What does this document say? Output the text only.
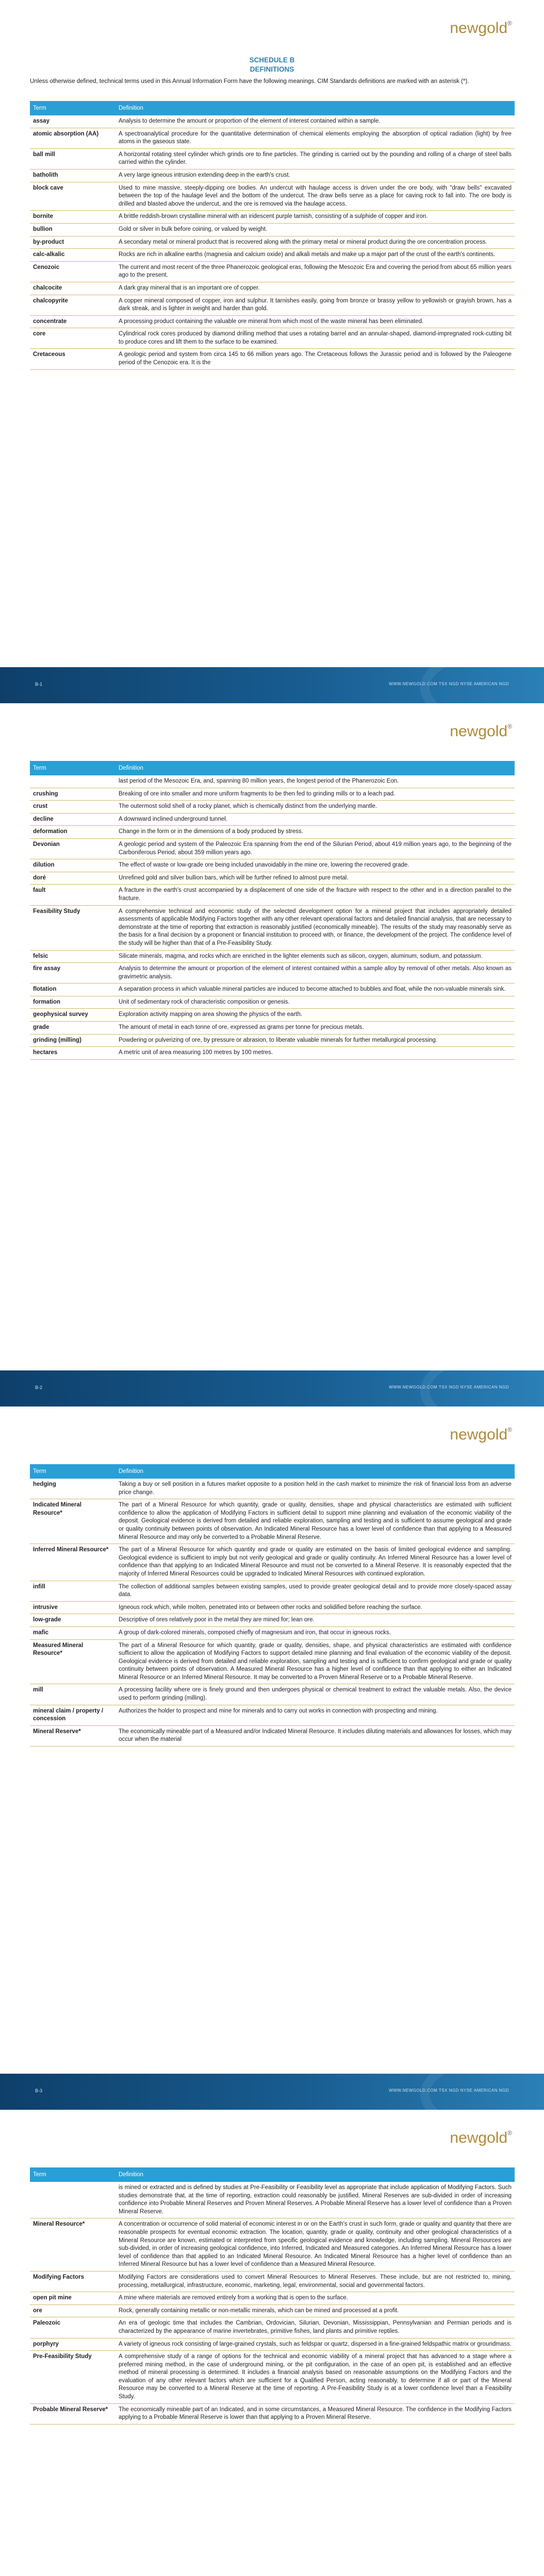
newgold®
SCHEDULE B
DEFINITIONS
Unless otherwise defined, technical terms used in this Annual Information Form have the following meanings. CIM Standards definitions are marked with an asterisk (*).
Term	Definition
assay	Analysis to determine the amount or proportion of the element of interest contained within a sample.
atomic absorption (AA)	A spectroanalytical procedure for the quantitative determination of chemical elements employing the absorption of optical radiation (light) by free atoms in the gaseous state.
ball mill	A horizontal rotating steel cylinder which grinds ore to fine particles. The grinding is carried out by the pounding and rolling of a charge of steel balls carried within the cylinder.
batholith	A very large igneous intrusion extending deep in the earth's crust.
block cave	Used to mine massive, steeply-dipping ore bodies. An undercut with haulage access is driven under the ore body, with "draw bells" excavated between the top of the haulage level and the bottom of the undercut. The draw bells serve as a place for caving rock to fall into. The ore body is drilled and blasted above the undercut, and the ore is removed via the haulage access.
bornite	A brittle reddish-brown crystalline mineral with an iridescent purple tarnish, consisting of a sulphide of copper and iron.
bullion	Gold or silver in bulk before coining, or valued by weight.
by-product	A secondary metal or mineral product that is recovered along with the primary metal or mineral product during the ore concentration process.
calc-alkalic	Rocks are rich in alkaline earths (magnesia and calcium oxide) and alkali metals and make up a major part of the crust of the earth's continents.
Cenozoic	The current and most recent of the three Phanerozoic geological eras, following the Mesozoic Era and covering the period from about 65 million years ago to the present.
chalcocite	A dark gray mineral that is an important ore of copper.
chalcopyrite	A copper mineral composed of copper, iron and sulphur. It tarnishes easily, going from bronze or brassy yellow to yellowish or grayish brown, has a dark streak, and is lighter in weight and harder than gold.
concentrate	A processing product containing the valuable ore mineral from which most of the waste mineral has been eliminated.
core	Cylindrical rock cores produced by diamond drilling method that uses a rotating barrel and an annular-shaped, diamond-impregnated rock-cutting bit to produce cores and lift them to the surface to be examined.
Cretaceous	A geologic period and system from circa 145 to 66 million years ago. The Cretaceous follows the Jurassic period and is followed by the Paleogene period of the Cenozoic era. It is the
B-1	WWW.NEWGOLD.COM TSX NGD NYSE AMERICAN NGD
newgold®
Term	Definition
	last period of the Mesozoic Era, and, spanning 80 million years, the longest period of the Phanerozoic Eon.
crushing	Breaking of ore into smaller and more uniform fragments to be then fed to grinding mills or to a leach pad.
crust	The outermost solid shell of a rocky planet, which is chemically distinct from the underlying mantle.
decline	A downward inclined underground tunnel.
deformation	Change in the form or in the dimensions of a body produced by stress.
Devonian	A geologic period and system of the Paleozoic Era spanning from the end of the Silurian Period, about 419 million years ago, to the beginning of the Carboniferous Period, about 359 million years ago.
dilution	The effect of waste or low-grade ore being included unavoidably in the mine ore, lowering the recovered grade.
doré	Unrefined gold and silver bullion bars, which will be further refined to almost pure metal.
fault	A fracture in the earth's crust accompanied by a displacement of one side of the fracture with respect to the other and in a direction parallel to the fracture.
Feasibility Study	A comprehensive technical and economic study of the selected development option for a mineral project that includes appropriately detailed assessments of applicable Modifying Factors together with any other relevant operational factors and detailed financial analysis, that are necessary to demonstrate at the time of reporting that extraction is reasonably justified (economically mineable). The results of the study may reasonably serve as the basis for a final decision by a proponent or financial institution to proceed with, or finance, the development of the project. The confidence level of the study will be higher than that of a Pre-Feasibility Study.
felsic	Silicate minerals, magma, and rocks which are enriched in the lighter elements such as silicon, oxygen, aluminum, sodium, and potassium.
fire assay	Analysis to determine the amount or proportion of the element of interest contained within a sample alloy by removal of other metals. Also known as gravimetric analysis.
flotation	A separation process in which valuable mineral particles are induced to become attached to bubbles and float, while the non-valuable minerals sink.
formation	Unit of sedimentary rock of characteristic composition or genesis.
geophysical survey	Exploration activity mapping on area showing the physics of the earth.
grade	The amount of metal in each tonne of ore, expressed as grams per tonne for precious metals.
grinding (milling)	Powdering or pulverizing of ore, by pressure or abrasion, to liberate valuable minerals for further metallurgical processing.
hectares	A metric unit of area measuring 100 metres by 100 metres.
B-2	WWW.NEWGOLD.COM TSX NGD NYSE AMERICAN NGD
newgold®
Term	Definition
hedging	Taking a buy or sell position in a futures market opposite to a position held in the cash market to minimize the risk of financial loss from an adverse price change.
Indicated Mineral Resource*	The part of a Mineral Resource for which quantity, grade or quality, densities, shape and physical characteristics are estimated with sufficient confidence to allow the application of Modifying Factors in sufficient detail to support mine planning and evaluation of the economic viability of the deposit. Geological evidence is derived from detailed and reliable exploration, sampling and testing and is sufficient to assume geological and grade or quality continuity between points of observation. An Indicated Mineral Resource has a lower level of confidence than that applying to a Measured Mineral Resource and may only be converted to a Probable Mineral Reserve.
Inferred Mineral Resource*	The part of a Mineral Resource for which quantity and grade or quality are estimated on the basis of limited geological evidence and sampling. Geological evidence is sufficient to imply but not verify geological and grade or quality continuity. An Inferred Mineral Resource has a lower level of confidence than that applying to an Indicated Mineral Resource and must not be converted to a Mineral Reserve. It is reasonably expected that the majority of Inferred Mineral Resources could be upgraded to Indicated Mineral Resources with continued exploration.
infill	The collection of additional samples between existing samples, used to provide greater geological detail and to provide more closely-spaced assay data.
intrusive	Igneous rock which, while molten, penetrated into or between other rocks and solidified before reaching the surface.
low-grade	Descriptive of ores relatively poor in the metal they are mined for; lean ore.
mafic	A group of dark-colored minerals, composed chiefly of magnesium and iron, that occur in igneous rocks.
Measured Mineral Resource*	The part of a Mineral Resource for which quantity, grade or quality, densities, shape, and physical characteristics are estimated with confidence sufficient to allow the application of Modifying Factors to support detailed mine planning and final evaluation of the economic viability of the deposit. Geological evidence is derived from detailed and reliable exploration, sampling and testing and is sufficient to confirm geological and grade or quality continuity between points of observation. A Measured Mineral Resource has a higher level of confidence than that applying to either an Indicated Mineral Resource or an Inferred Mineral Resource. It may be converted to a Proven Mineral Reserve or to a Probable Mineral Reserve.
mill	A processing facility where ore is finely ground and then undergoes physical or chemical treatment to extract the valuable metals. Also, the device used to perform grinding (milling).
mineral claim / property / concession	Authorizes the holder to prospect and mine for minerals and to carry out works in connection with prospecting and mining.
Mineral Reserve*	The economically mineable part of a Measured and/or Indicated Mineral Resource. It includes diluting materials and allowances for losses, which may occur when the material
B-3	WWW.NEWGOLD.COM TSX NGD NYSE AMERICAN NGD
newgold®
Term	Definition
	is mined or extracted and is defined by studies at Pre-Feasibility or Feasibility level as appropriate that include application of Modifying Factors. Such studies demonstrate that, at the time of reporting, extraction could reasonably be justified. Mineral Reserves are sub-divided in order of increasing confidence into Probable Mineral Reserves and Proven Mineral Reserves. A Probable Mineral Reserve has a lower level of confidence than a Proven Mineral Reserve.
Mineral Resource*	A concentration or occurrence of solid material of economic interest in or on the Earth's crust in such form, grade or quality and quantity that there are reasonable prospects for eventual economic extraction. The location, quantity, grade or quality, continuity and other geological characteristics of a Mineral Resource are known, estimated or interpreted from specific geological evidence and knowledge, including sampling. Mineral Resources are sub-divided, in order of increasing geological confidence, into Inferred, Indicated and Measured categories. An Inferred Mineral Resource has a lower level of confidence than that applied to an Indicated Mineral Resource. An Indicated Mineral Resource has a higher level of confidence than an Inferred Mineral Resource but has a lower level of confidence than a Measured Mineral Resource.
Modifying Factors	Modifying Factors are considerations used to convert Mineral Resources to Mineral Reserves. These include, but are not restricted to, mining, processing, metallurgical, infrastructure, economic, marketing, legal, environmental, social and governmental factors.
open pit mine	A mine where materials are removed entirely from a working that is open to the surface.
ore	Rock, generally containing metallic or non-metallic minerals, which can be mined and processed at a profit.
Paleozoic	An era of geologic time that includes the Cambrian, Ordovician, Silurian, Devonian, Mississippian, Pennsylvanian and Permian periods and is characterized by the appearance of marine invertebrates, primitive fishes, land plants and primitive reptiles.
porphyry	A variety of igneous rock consisting of large-grained crystals, such as feldspar or quartz, dispersed in a fine-grained feldspathic matrix or groundmass.
Pre-Feasibility Study	A comprehensive study of a range of options for the technical and economic viability of a mineral project that has advanced to a stage where a preferred mining method, in the case of underground mining, or the pit configuration, in the case of an open pit, is established and an effective method of mineral processing is determined. It includes a financial analysis based on reasonable assumptions on the Modifying Factors and the evaluation of any other relevant factors which are sufficient for a Qualified Person, acting reasonably, to determine if all or part of the Mineral Resource may be converted to a Mineral Reserve at the time of reporting. A Pre-Feasibility Study is at a lower confidence level than a Feasibility Study.
Probable Mineral Reserve*	The economically mineable part of an Indicated, and in some circumstances, a Measured Mineral Resource. The confidence in the Modifying Factors applying to a Probable Mineral Reserve is lower than that applying to a Proven Mineral Reserve.
